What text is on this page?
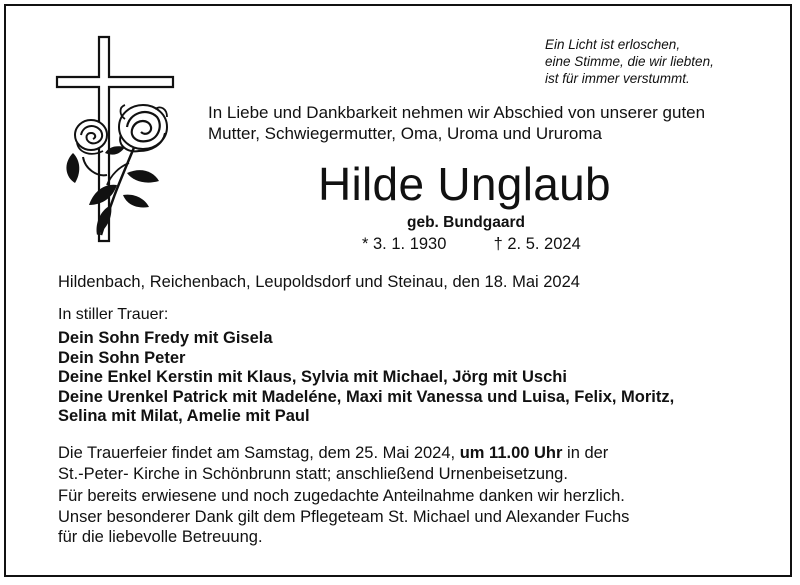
Ein Licht ist erloschen,
eine Stimme, die wir liebten,
ist für immer verstummt.
In Liebe und Dankbarkeit nehmen wir Abschied von unserer guten
Mutter, Schwiegermutter, Oma, Uroma und Ururoma
Hilde Unglaub
geb. Bundgaard
* 3. 1. 1930	† 2. 5. 2024
Hildenbach, Reichenbach, Leupoldsdorf und Steinau, den 18. Mai 2024
In stiller Trauer:
Dein Sohn Fredy mit Gisela
Dein Sohn Peter
Deine Enkel Kerstin mit Klaus, Sylvia mit Michael, Jörg mit Uschi
Deine Urenkel Patrick mit Madeléne, Maxi mit Vanessa und Luisa, Felix, Moritz,
Selina mit Milat, Amelie mit Paul
Die Trauerfeier findet am Samstag, dem 25. Mai 2024, um 11.00 Uhr in der
St.-Peter- Kirche in Schönbrunn statt; anschließend Urnenbeisetzung.
Für bereits erwiesene und noch zugedachte Anteilnahme danken wir herzlich.
Unser besonderer Dank gilt dem Pflegeteam St. Michael und Alexander Fuchs
für die liebevolle Betreuung.
